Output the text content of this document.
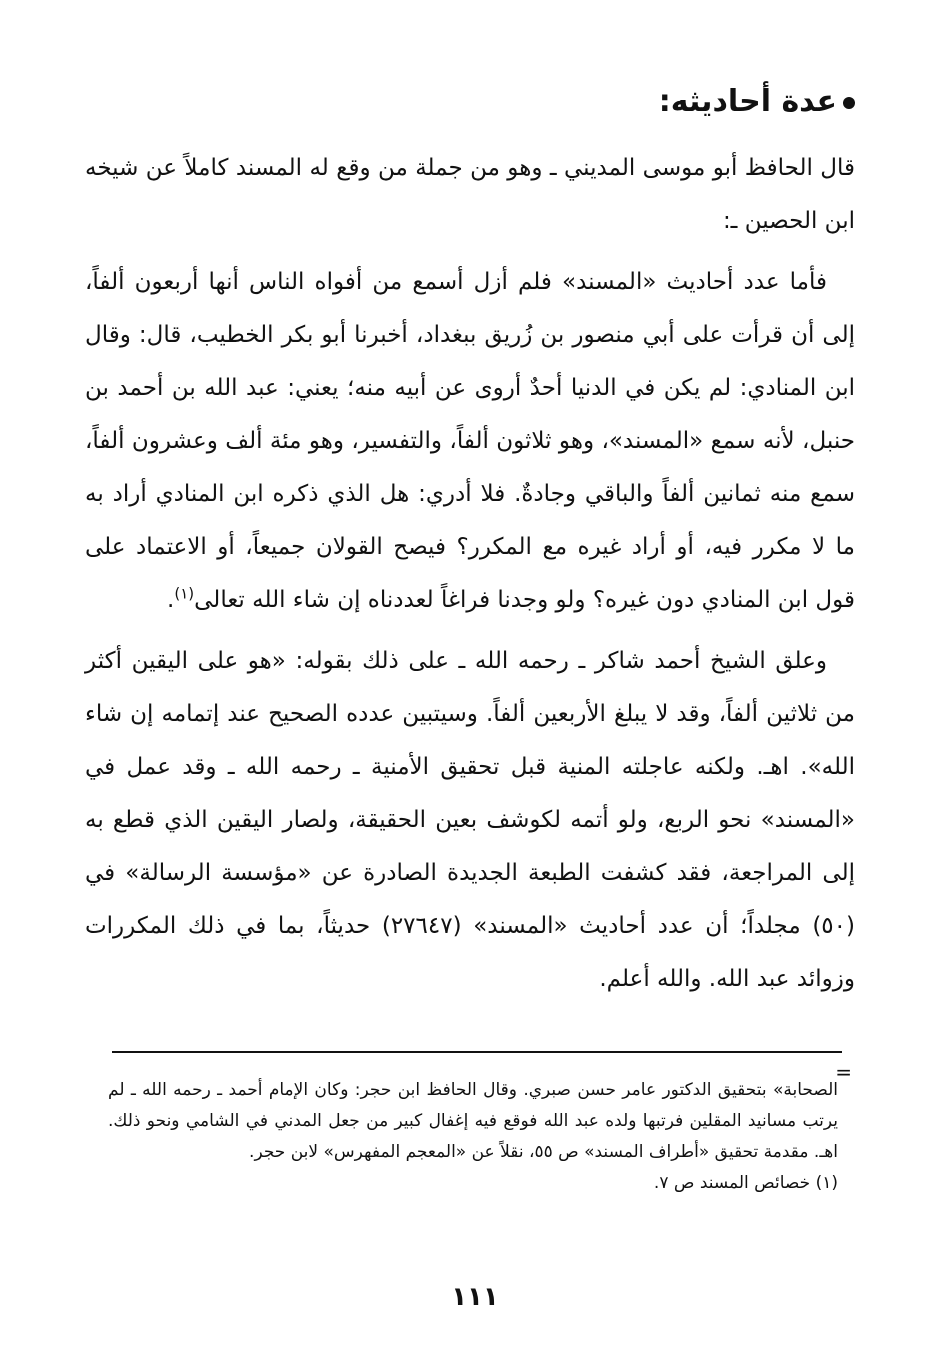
عدة أحاديثه:

قال الحافظ أبو موسى المديني ـ وهو من جملة من وقع له المسند كاملاً عن شيخه ابن الحصين ـ:

فأما عدد أحاديث «المسند» فلم أزل أسمع من أفواه الناس أنها أربعون ألفاً، إلى أن قرأت على أبي منصور بن زُريق ببغداد، أخبرنا أبو بكر الخطيب، قال: وقال ابن المنادي: لم يكن في الدنيا أحدٌ أروى عن أبيه منه؛ يعني: عبد الله بن أحمد بن حنبل، لأنه سمع «المسند»، وهو ثلاثون ألفاً، والتفسير، وهو مئة ألف وعشرون ألفاً، سمع منه ثمانين ألفاً والباقي وجادةٌ. فلا أدري: هل الذي ذكره ابن المنادي أراد به ما لا مكرر فيه، أو أراد غيره مع المكرر؟ فيصح القولان جميعاً، أو الاعتماد على قول ابن المنادي دون غيره؟ ولو وجدنا فراغاً لعددناه إن شاء الله تعالى$^{(١)}$.

وعلق الشيخ أحمد شاكر ـ رحمه الله ـ على ذلك بقوله: «هو على اليقين أكثر من ثلاثين ألفاً، وقد لا يبلغ الأربعين ألفاً. وسيتبين عدده الصحيح عند إتمامه إن شاء الله». اهـ. ولكنه عاجلته المنية قبل تحقيق الأمنية ـ رحمه الله ـ وقد عمل في «المسند» نحو الربع، ولو أتمه لكوشف بعين الحقيقة، ولصار اليقين الذي قطع به إلى المراجعة، فقد كشفت الطبعة الجديدة الصادرة عن «مؤسسة الرسالة» في (٥٠) مجلداً؛ أن عدد أحاديث «المسند» (٢٧٦٤٧) حديثاً، بما في ذلك المكررات وزوائد عبد الله. والله أعلم.

=

الصحابة» بتحقيق الدكتور عامر حسن صبري. وقال الحافظ ابن حجر: وكان الإمام أحمد ـ رحمه الله ـ لم يرتب مسانيد المقلين فرتبها ولده عبد الله فوقع فيه إغفال كبير من جعل المدني في الشامي ونحو ذلك. اهـ. مقدمة تحقيق «أطراف المسند» ص ٥٥، نقلاً عن «المعجم المفهرس» لابن حجر.

(١) خصائص المسند ص ٧.

١١١
